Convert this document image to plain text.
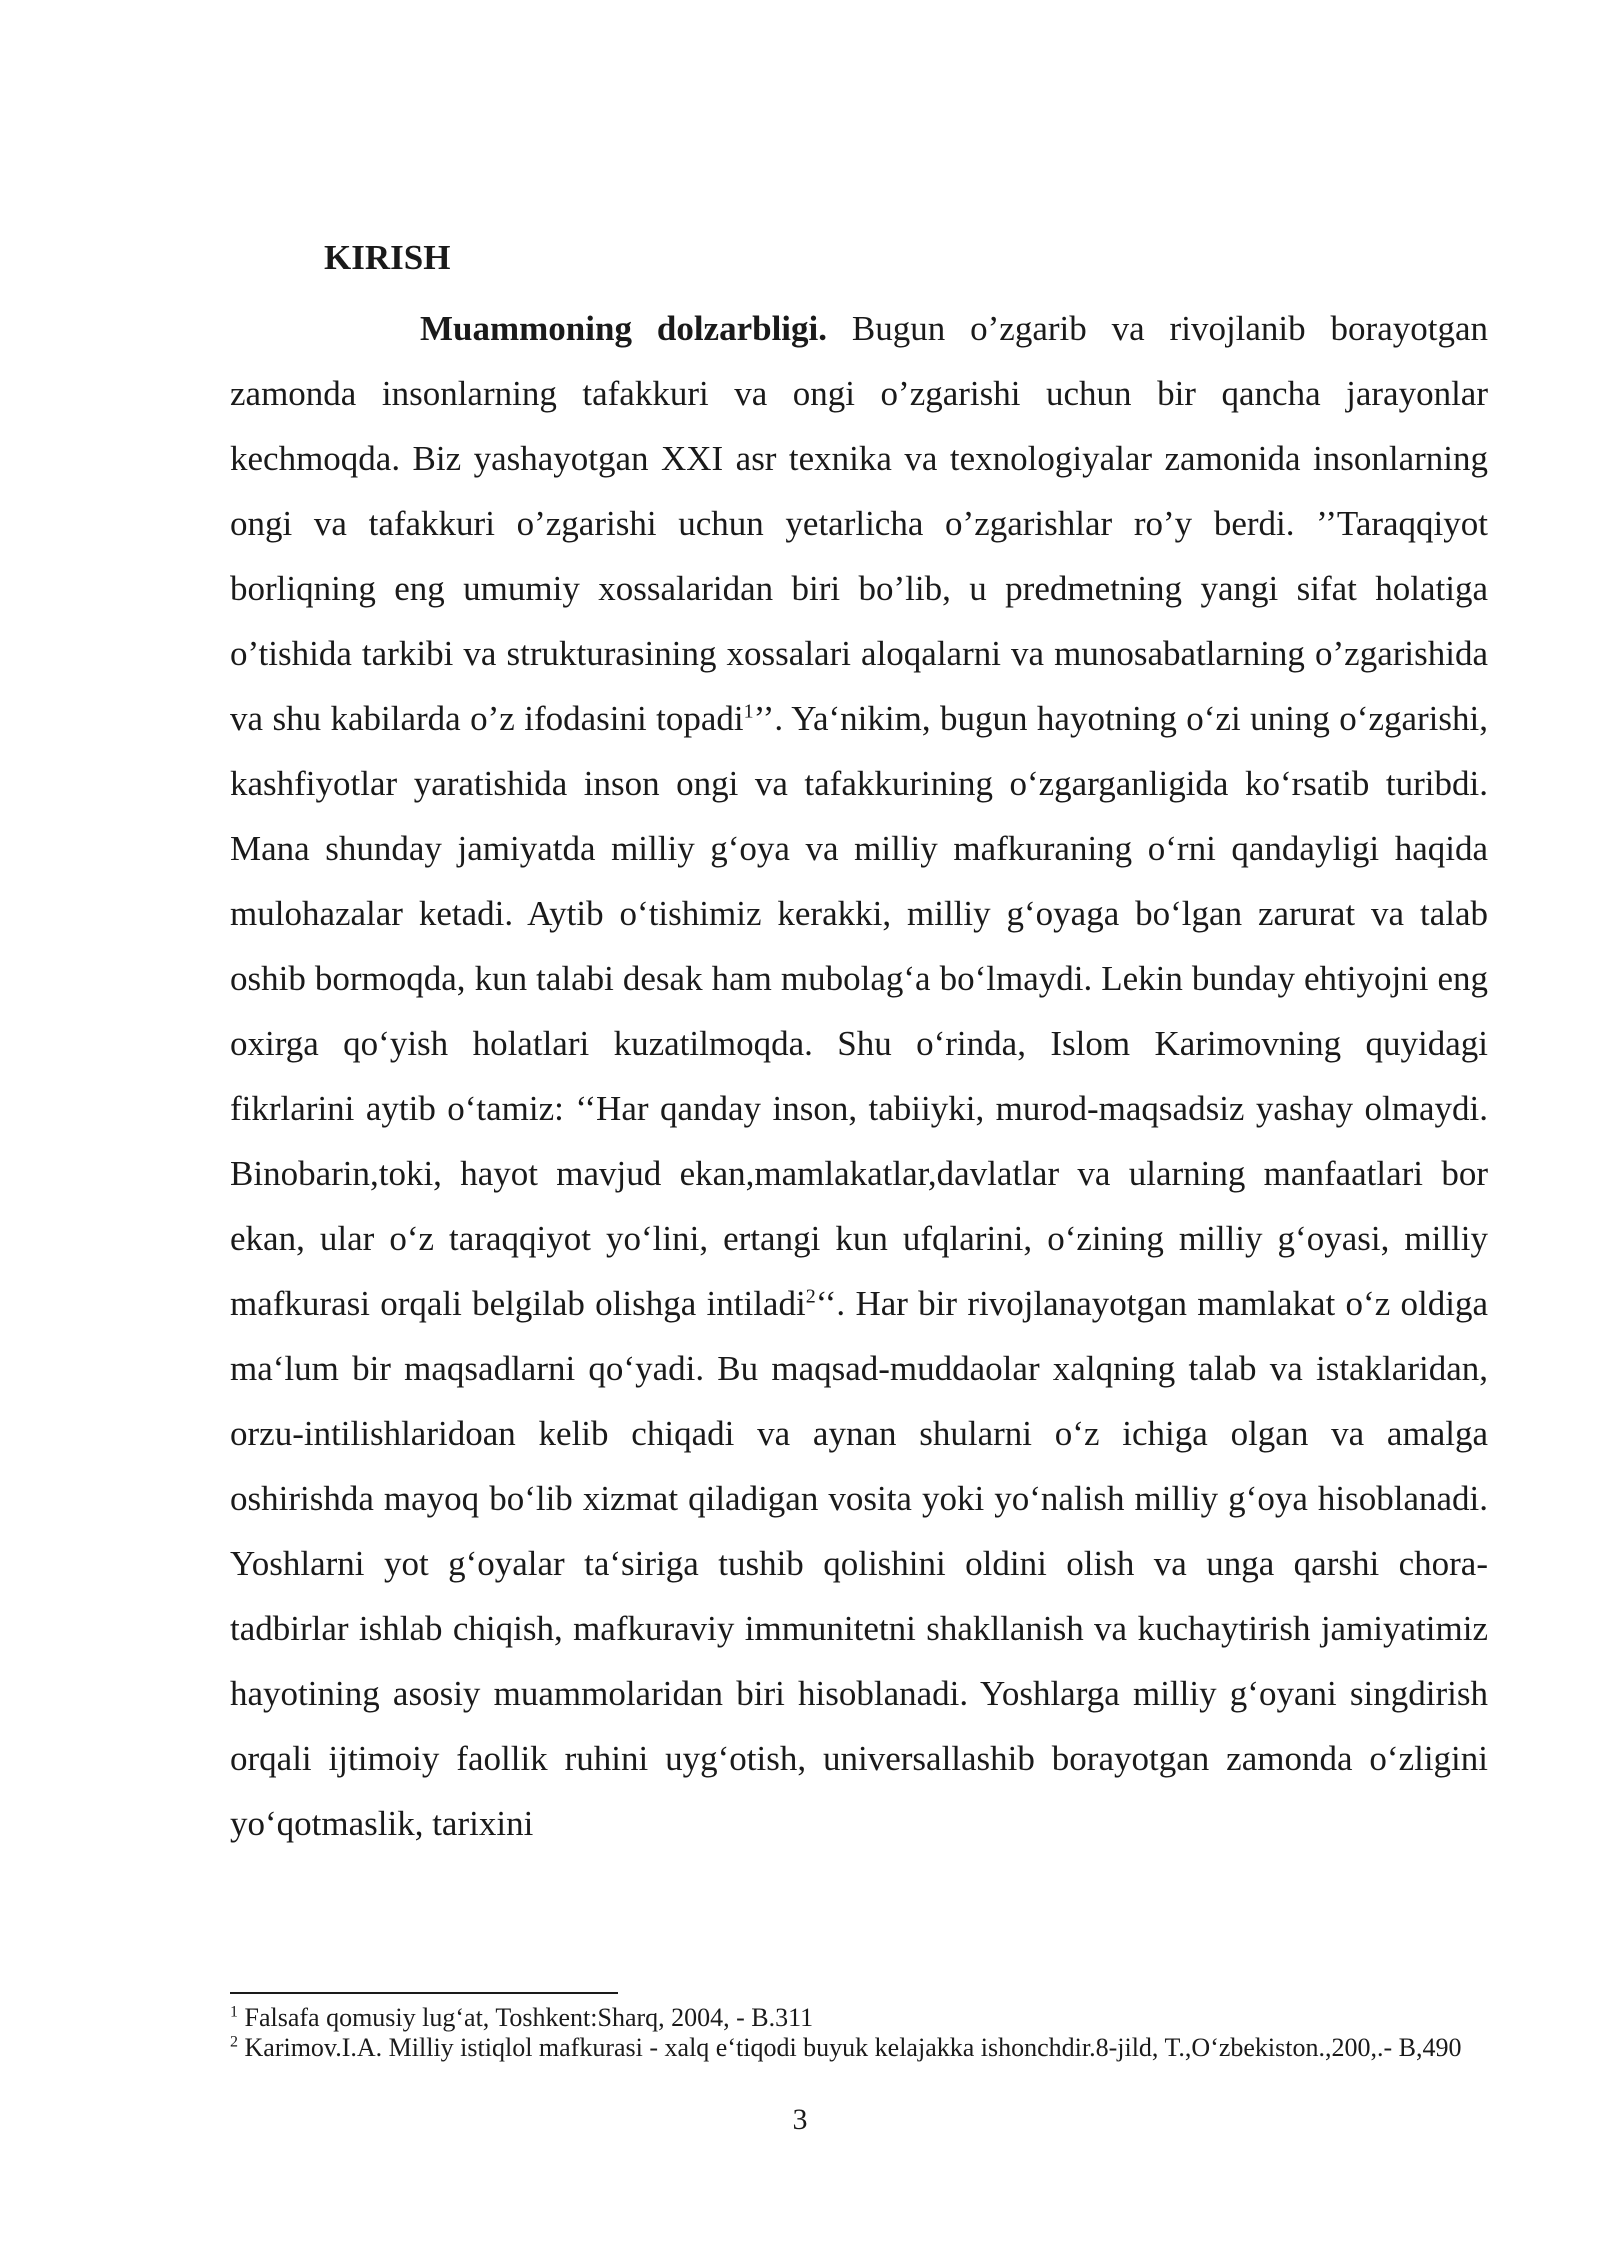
KIRISH

Muammoning dolzarbligi. Bugun o’zgarib va rivojlanib borayotgan zamonda insonlarning tafakkuri va ongi o’zgarishi uchun bir qancha jarayonlar kechmoqda. Biz yashayotgan XXI asr texnika va texnologiyalar zamonida insonlarning ongi va tafakkuri o’zgarishi uchun yetarlicha o’zgarishlar ro’y berdi. ’’Taraqqiyot borliqning eng umumiy xossalaridan biri bo’lib, u predmetning yangi sifat holatiga o’tishida tarkibi va strukturasining xossalari aloqalarni va munosabatlarning o’zgarishida va shu kabilarda o’z ifodasini topadi$^1$’’. Ya‘nikim, bugun hayotning o‘zi uning o‘zgarishi, kashfiyotlar yaratishida inson ongi va tafakkurining o‘zgarganligida ko‘rsatib turibdi. Mana shunday jamiyatda milliy g‘oya va milliy mafkuraning o‘rni qandayligi haqida mulohazalar ketadi. Aytib o‘tishimiz kerakki, milliy g‘oyaga bo‘lgan zarurat va talab oshib bormoqda, kun talabi desak ham mubolag‘a bo‘lmaydi. Lekin bunday ehtiyojni eng oxirga qo‘yish holatlari kuzatilmoqda. Shu o‘rinda, Islom Karimovning quyidagi fikrlarini aytib o‘tamiz: ‘‘Har qanday inson, tabiiyki, murod-maqsadsiz yashay olmaydi. Binobarin,toki, hayot mavjud ekan,mamlakatlar,davlatlar va ularning manfaatlari bor ekan, ular o‘z taraqqiyot yo‘lini, ertangi kun ufqlarini, o‘zining milliy g‘oyasi, milliy mafkurasi orqali belgilab olishga intiladi$^2$‘‘. Har bir rivojlanayotgan mamlakat o‘z oldiga ma‘lum bir maqsadlarni qo‘yadi. Bu maqsad-muddaolar xalqning talab va istaklaridan, orzu-intilishlaridoan kelib chiqadi va aynan shularni o‘z ichiga olgan va amalga oshirishda mayoq bo‘lib xizmat qiladigan vosita yoki yo‘nalish milliy g‘oya hisoblanadi. Yoshlarni yot g‘oyalar ta‘siriga tushib qolishini oldini olish va unga qarshi chora-tadbirlar ishlab chiqish, mafkuraviy immunitetni shakllanish va kuchaytirish jamiyatimiz hayotining asosiy muammolaridan biri hisoblanadi. Yoshlarga milliy g‘oyani singdirish orqali ijtimoiy faollik ruhini uyg‘otish, universallashib borayotgan zamonda o‘zligini yo‘qotmaslik, tarixini

$^1$ Falsafa qomusiy lug‘at, Toshkent:Sharq, 2004, - B.311

$^2$ Karimov.I.A. Milliy istiqlol mafkurasi - xalq e‘tiqodi buyuk kelajakka ishonchdir.8-jild, T.,O‘zbekiston.,200,.- B,490

3
